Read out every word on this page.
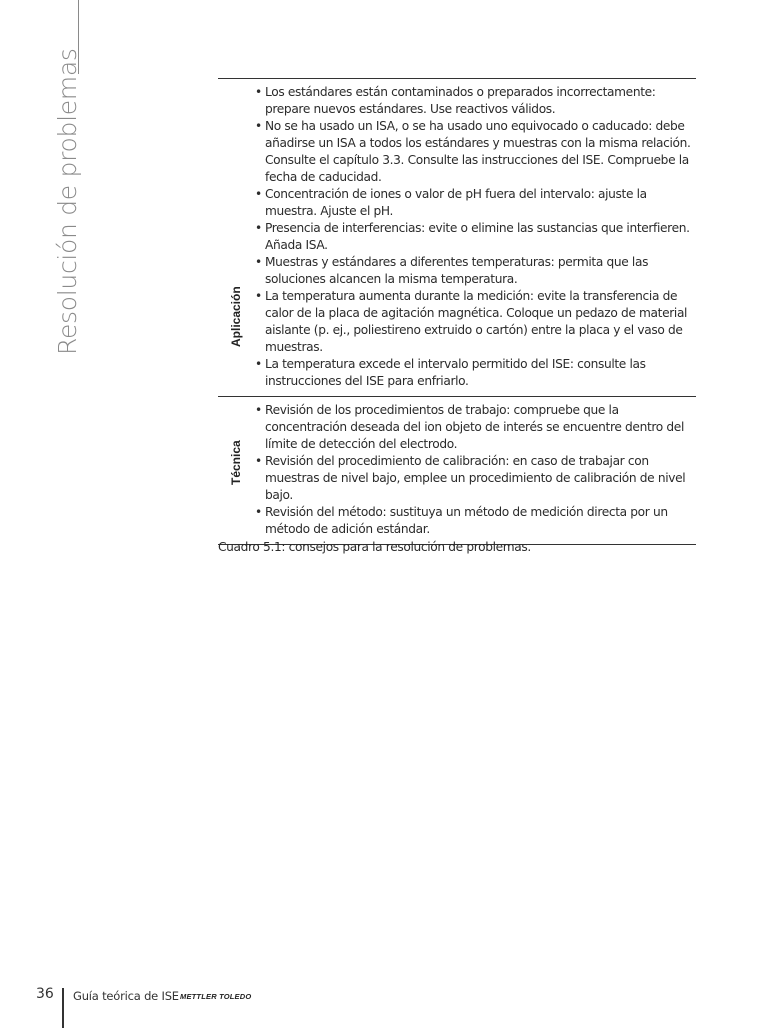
Resolución de problemas	Aplicación
• Los estándares están contaminados o preparados incorrectamente: prepare nuevos estándares. Use reactivos válidos.
• No se ha usado un ISA, o se ha usado uno equivocado o caducado: debe añadirse un ISA a todos los estándares y muestras con la misma relación. Consulte el capítulo 3.3. Consulte las instrucciones del ISE. Compruebe la fecha de caducidad.
• Concentración de iones o valor de pH fuera del intervalo: ajuste la muestra. Ajuste el pH.
• Presencia de interferencias: evite o elimine las sustancias que interfieren. Añada ISA.
• Muestras y estándares a diferentes temperaturas: permita que las soluciones alcancen la misma temperatura.
• La temperatura aumenta durante la medición: evite la transferencia de calor de la placa de agitación magnética. Coloque un pedazo de material aislante (p. ej., poliestireno extruido o cartón) entre la placa y el vaso de muestras.
• La temperatura excede el intervalo permitido del ISE: consulte las instrucciones del ISE para enfriarlo.
Técnica
• Revisión de los procedimientos de trabajo: compruebe que la concentración deseada del ion objeto de interés se encuentre dentro del límite de detección del electrodo.
• Revisión del procedimiento de calibración: en caso de trabajar con muestras de nivel bajo, emplee un procedimiento de calibración de nivel bajo.
• Revisión del método: sustituya un método de medición directa por un método de adición estándar.
Cuadro 5.1: consejos para la resolución de problemas.
36 Guía teórica de ISE METTLER TOLEDO
